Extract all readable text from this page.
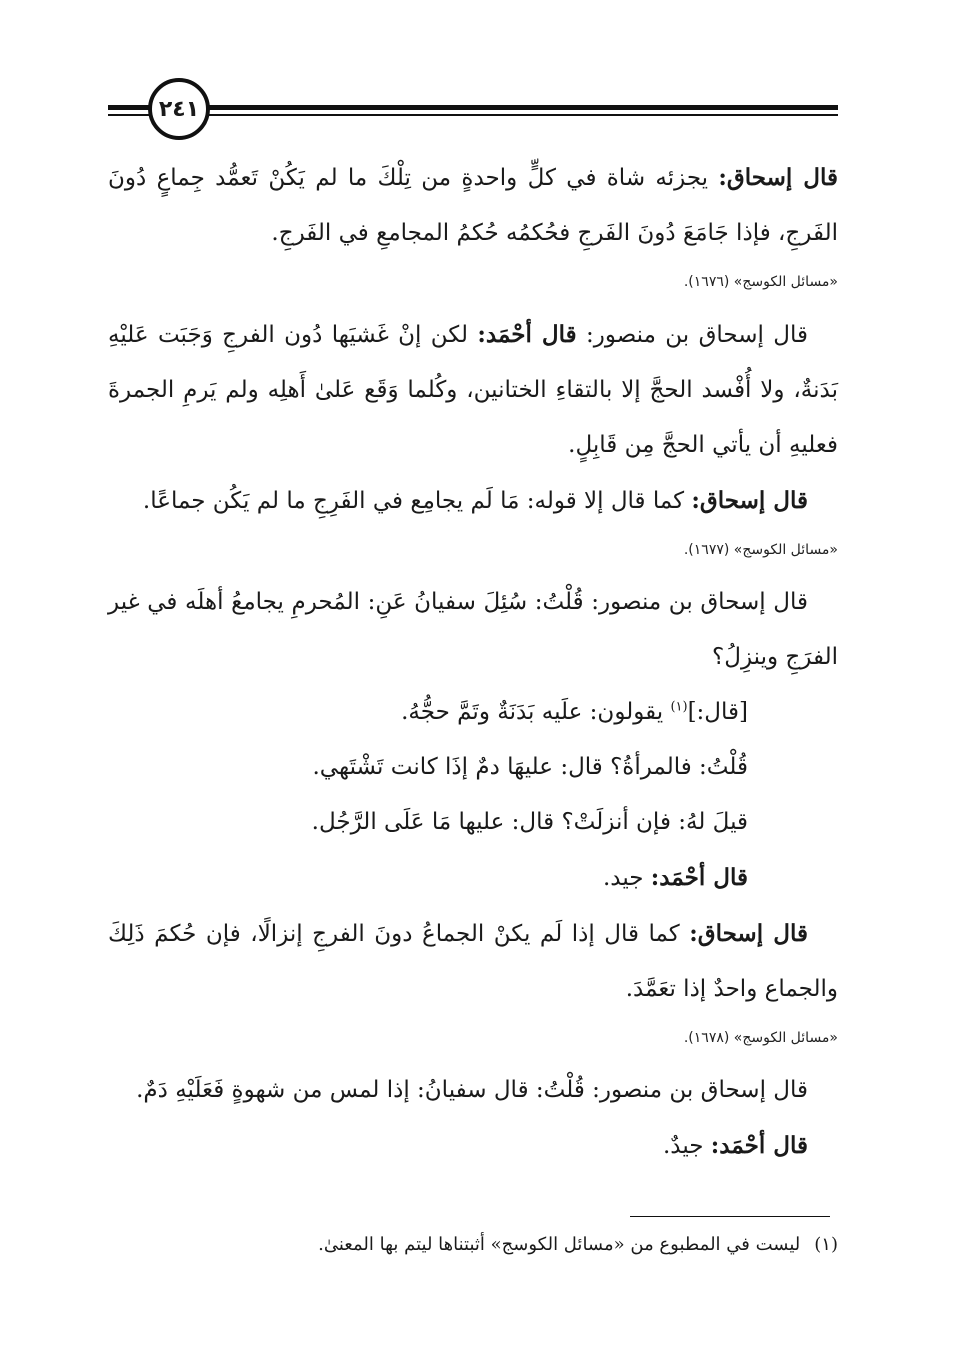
٢٤١

قال إسحاق: يجزئه شاة في كلٍّ واحدةٍ من تِلْكَ ما لم يَكُنْ تَعمُّد جِماعٍ دُونَ الفَرجِ، فإذا جَامَعَ دُونَ الفَرجِ فحُكمُه حُكمُ المجامعِ في الفَرجِ.

«مسائل الكوسج» (١٦٧٦).

قال إسحاق بن منصور: قال أحْمَد: لكن إنْ غَشيَها دُون الفرجِ وَجَبَت عَليْهِ بَدَنةٌ، ولا أُفْسد الحجَّ إلا بالتقاءِ الختانين، وكُلما وَقَع عَلىٰ أَهلِه ولم يَرمِ الجمرةَ فعليهِ أن يأتي الحجَّ مِن قَابِلٍ.

قال إسحاق: كما قال إلا قوله: مَا لَم يجامِع في الفَرِجِ ما لم يَكُن جماعًا.

«مسائل الكوسج» (١٦٧٧).

قال إسحاق بن منصور: قُلْتُ: سُئِلَ سفيانُ عَنِ: المُحرمِ يجامعُ أهلَه في غير الفرَجِ وينزِلُ؟

[قال:]$^{(١)}$ يقولون: علَيه بَدَنَةٌ وتَمَّ حجُّهُ.

قُلْتُ: فالمرأةُ؟ قال: عليهَا دمٌ إذَا كانت تَشْتَهي.

قيلَ لهُ: فإن أنزلَتْ؟ قال: عليها مَا عَلَى الرَّجُل.

قال أحْمَد: جيد.

قال إسحاق: كما قال إذا لَم يكنْ الجماعُ دونَ الفرجِ إنزالًا، فإن حُكمَ ذَلِكَ والجماع واحدٌ إذا تعَمَّدَ.

«مسائل الكوسج» (١٦٧٨).

قال إسحاق بن منصور: قُلْتُ: قال سفيانُ: إذا لمس من شهوةٍ فَعَلَيْهِ دَمٌ.

قال أحْمَد: جيدٌ.

(١)ليست في المطبوع من «مسائل الكوسج» أثبتناها ليتم بها المعنىٰ.
